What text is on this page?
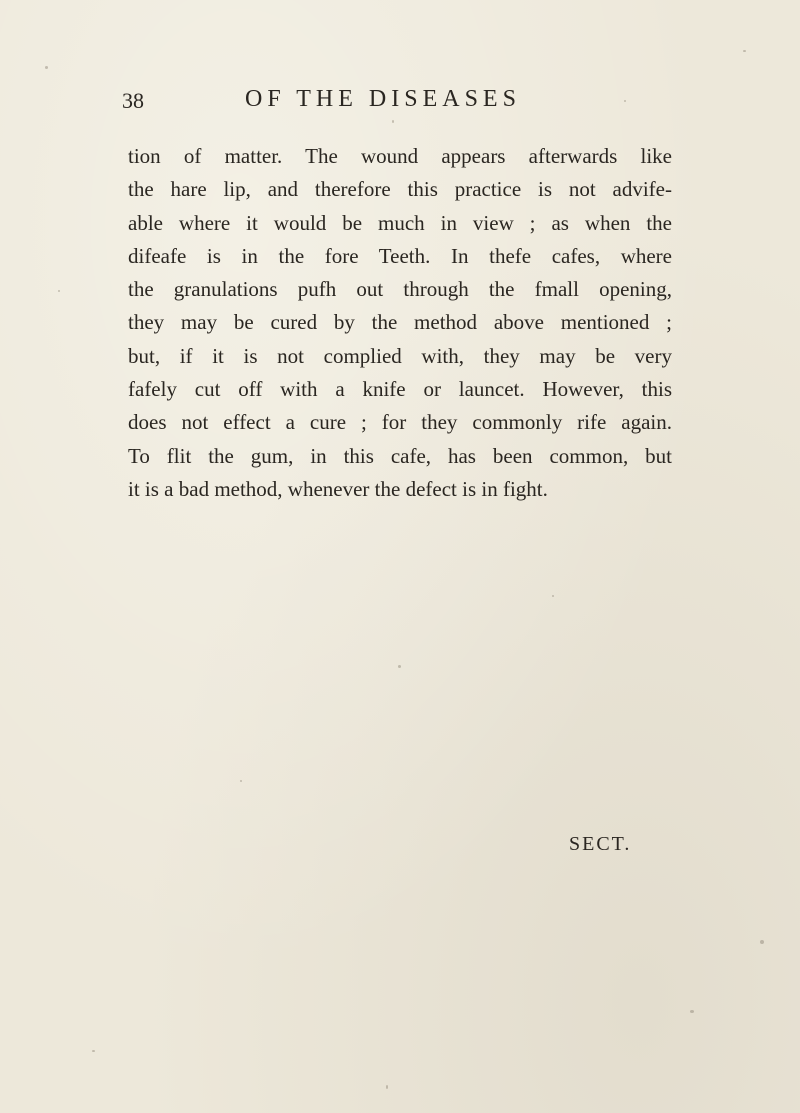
38	OF THE DISEASES
tion of matter. The wound appears afterwards like
the hare lip, and therefore this practice is not advife-
able where it would be much in view ; as when the
difeafe is in the fore Teeth. In thefe cafes, where
the granulations pufh out through the fmall opening,
they may be cured by the method above mentioned ;
but, if it is not complied with, they may be very
fafely cut off with a knife or launcet. However, this
does not effect a cure ; for they commonly rife again.
To flit the gum, in this cafe, has been common, but
it is a bad method, whenever the defect is in fight.
SECT.
